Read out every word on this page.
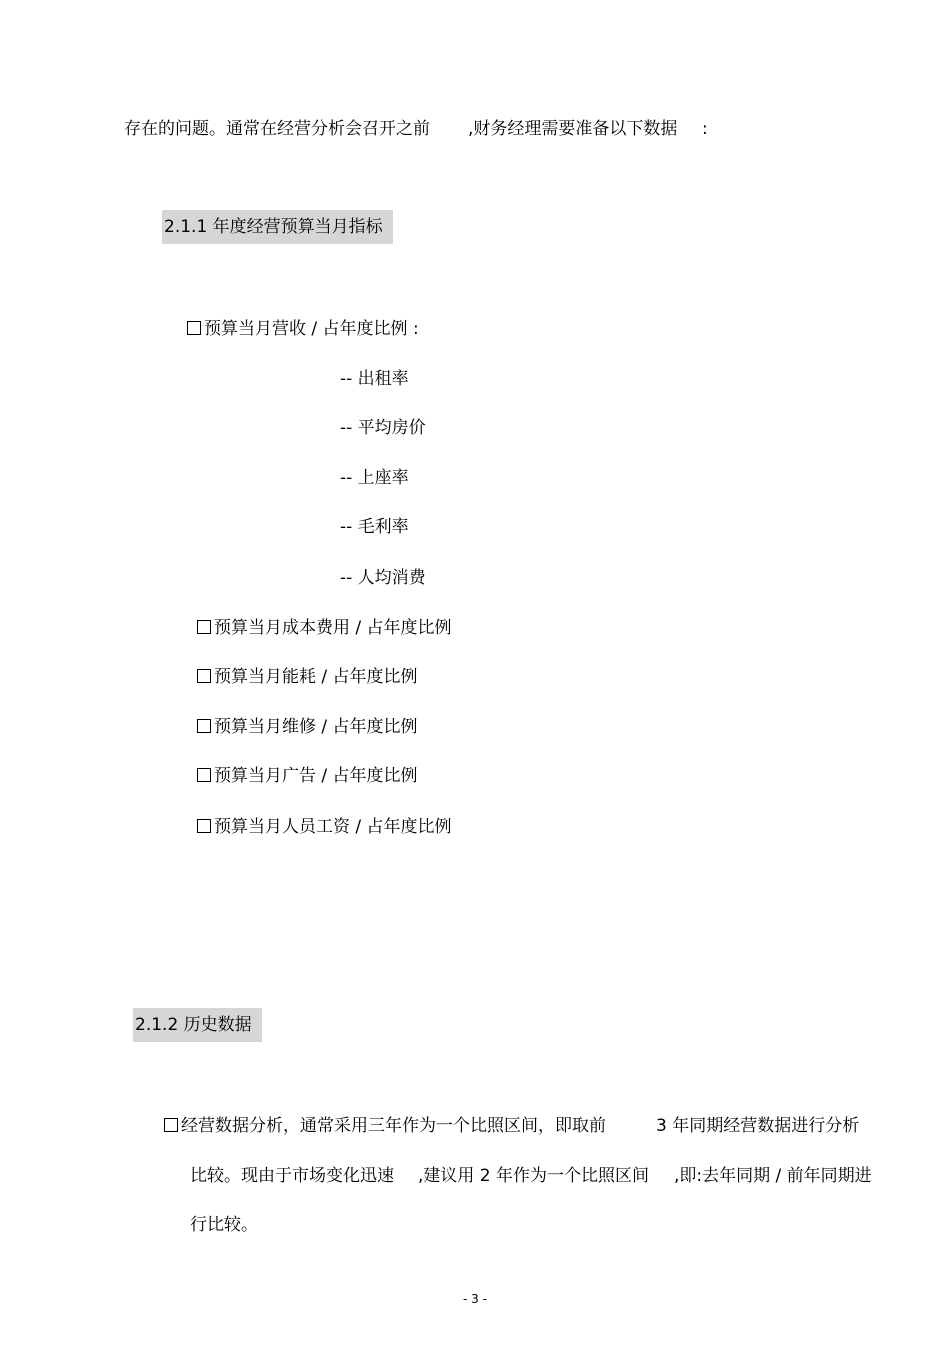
存在的问题。通常在经营分析会召开之前 ,财务经理需要准备以下数据 :
2.1.1 年度经营预算当月指标
预算当月营收 / 占年度比例 :
-- 出租率
-- 平均房价
-- 上座率
-- 毛利率
-- 人均消费
预算当月成本费用 / 占年度比例
预算当月能耗 / 占年度比例
预算当月维修 / 占年度比例
预算当月广告 / 占年度比例
预算当月人员工资 / 占年度比例
2.1.2 历史数据
经营数据分析，通常采用三年作为一个比照区间，即取前	3 年同期经营数据进行分析
比较。现由于市场变化迅速 ,建议用 2 年作为一个比照区间 ,即:去年同期 / 前年同期进
行比较。
- 3 -
